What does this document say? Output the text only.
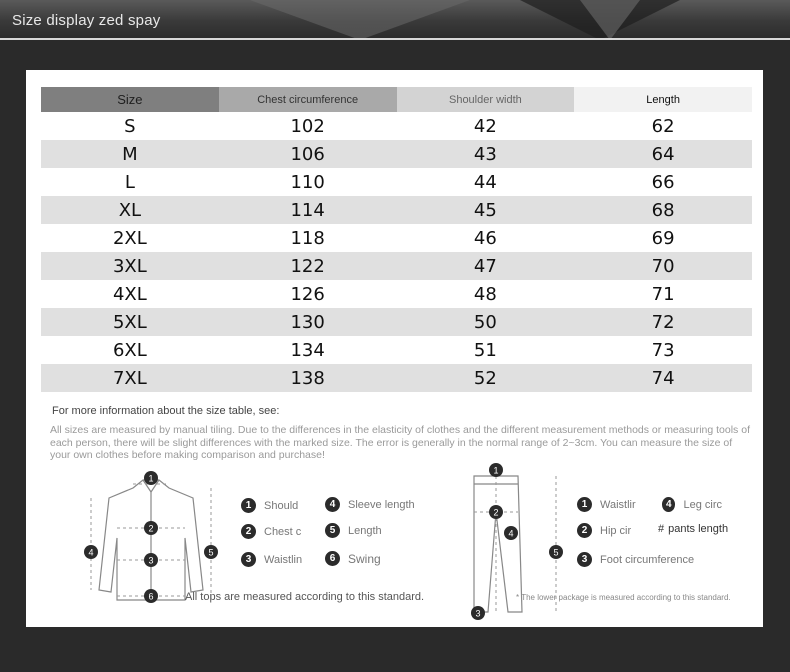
Size display zed spay
Size	Chest circumference	Shoulder width	Length
S	102	42	62
M	106	43	64
L	110	44	66
XL	114	45	68
2XL	118	46	69
3XL	122	47	70
4XL	126	48	71
5XL	130	50	72
6XL	134	51	73
7XL	138	52	74
For more information about the size table, see:
All sizes are measured by manual tiling. Due to the differences in the elasticity of clothes and the different measurement methods or measuring tools of each person, there will be slight differences with the marked size. The error is generally in the normal range of 2~3cm. You can measure the size of your own clothes before making comparison and purchase!
1
2
3
4	5
6
1	Should
2	Chest c
3	Waistlin
4	Sleeve length
5	Length
6	Swing
All tops are measured according to this standard.
1
2
3
4
5
1	Waistlir
2	Hip cir
3	Foot circumference
4	Leg circ
# pants length
* The lower package is measured according to this standard.
